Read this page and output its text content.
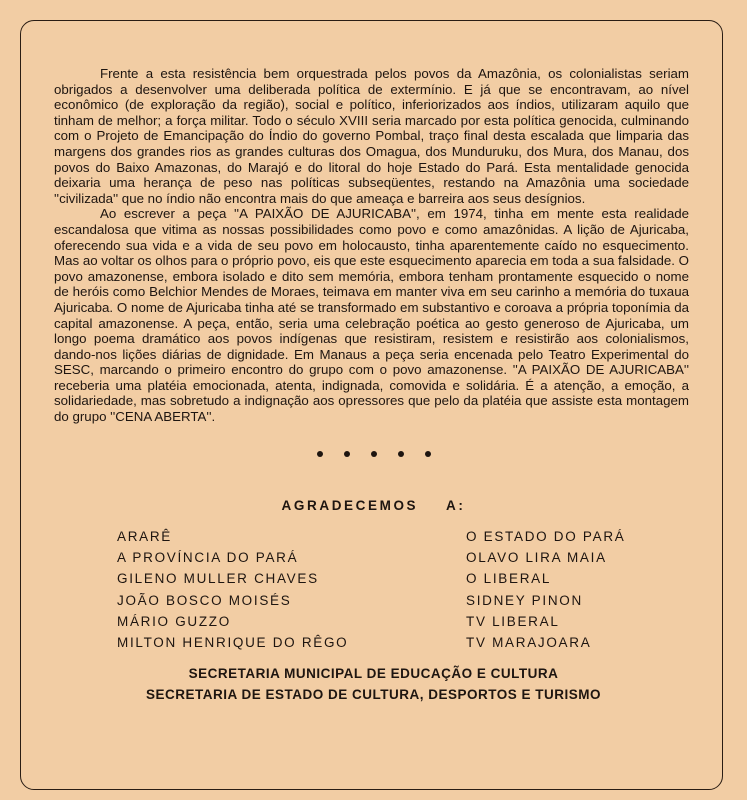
Frente a esta resistência bem orquestrada pelos povos da Amazônia, os colonialistas seriam obrigados a desenvolver uma deliberada política de extermínio. E já que se encontravam, ao nível econômico (de exploração da região), social e político, inferiorizados aos índios, utilizaram aquilo que tinham de melhor; a força militar. Todo o século XVIII seria marcado por esta política genocida, culminando com o Projeto de Emancipação do Índio do governo Pombal, traço final desta escalada que limparia das margens dos grandes rios as grandes culturas dos Omagua, dos Munduruku, dos Mura, dos Manau, dos povos do Baixo Amazonas, do Marajó e do litoral do hoje Estado do Pará. Esta mentalidade genocida deixaria uma herança de peso nas políticas subseqüentes, restando na Amazônia uma sociedade ''civilizada'' que no índio não encontra mais do que ameaça e barreira aos seus desígnios.

Ao escrever a peça ''A PAIXÃO DE AJURICABA'', em 1974, tinha em mente esta realidade escandalosa que vitima as nossas possibilidades como povo e como amazônidas. A lição de Ajuricaba, oferecendo sua vida e a vida de seu povo em holocausto, tinha aparentemente caído no esquecimento. Mas ao voltar os olhos para o próprio povo, eis que este esquecimento aparecia em toda a sua falsidade. O povo amazonense, embora isolado e dito sem memória, embora tenham prontamente esquecido o nome de heróis como Belchior Mendes de Moraes, teimava em manter viva em seu carinho a memória do tuxaua Ajuricaba. O nome de Ajuricaba tinha até se transformado em substantivo e coroava a própria toponímia da capital amazonense. A peça, então, seria uma celebração poética ao gesto generoso de Ajuricaba, um longo poema dramático aos povos indígenas que resistiram, resistem e resistirão aos colonialismos, dando-nos lições diárias de dignidade. Em Manaus a peça seria encenada pelo Teatro Experimental do SESC, marcando o primeiro encontro do grupo com o povo amazonense. ''A PAIXÃO DE AJURICABA'' receberia uma platéia emocionada, atenta, indignada, comovida e solidária. É a atenção, a emoção, a solidariedade, mas sobretudo a indignação aos opressores que pelo da platéia que assiste esta montagem do grupo ''CENA ABERTA''.

AGRADECEMOS A:
ARARÊ
A PROVÍNCIA DO PARÁ
GILENO MULLER CHAVES
JOÃO BOSCO MOISÉS
MÁRIO GUZZO
MILTON HENRIQUE DO RÊGO
O ESTADO DO PARÁ
OLAVO LIRA MAIA
O LIBERAL
SIDNEY PINON
TV LIBERAL
TV MARAJOARA
SECRETARIA MUNICIPAL DE EDUCAÇÃO E CULTURA
SECRETARIA DE ESTADO DE CULTURA, DESPORTOS E TURISMO
